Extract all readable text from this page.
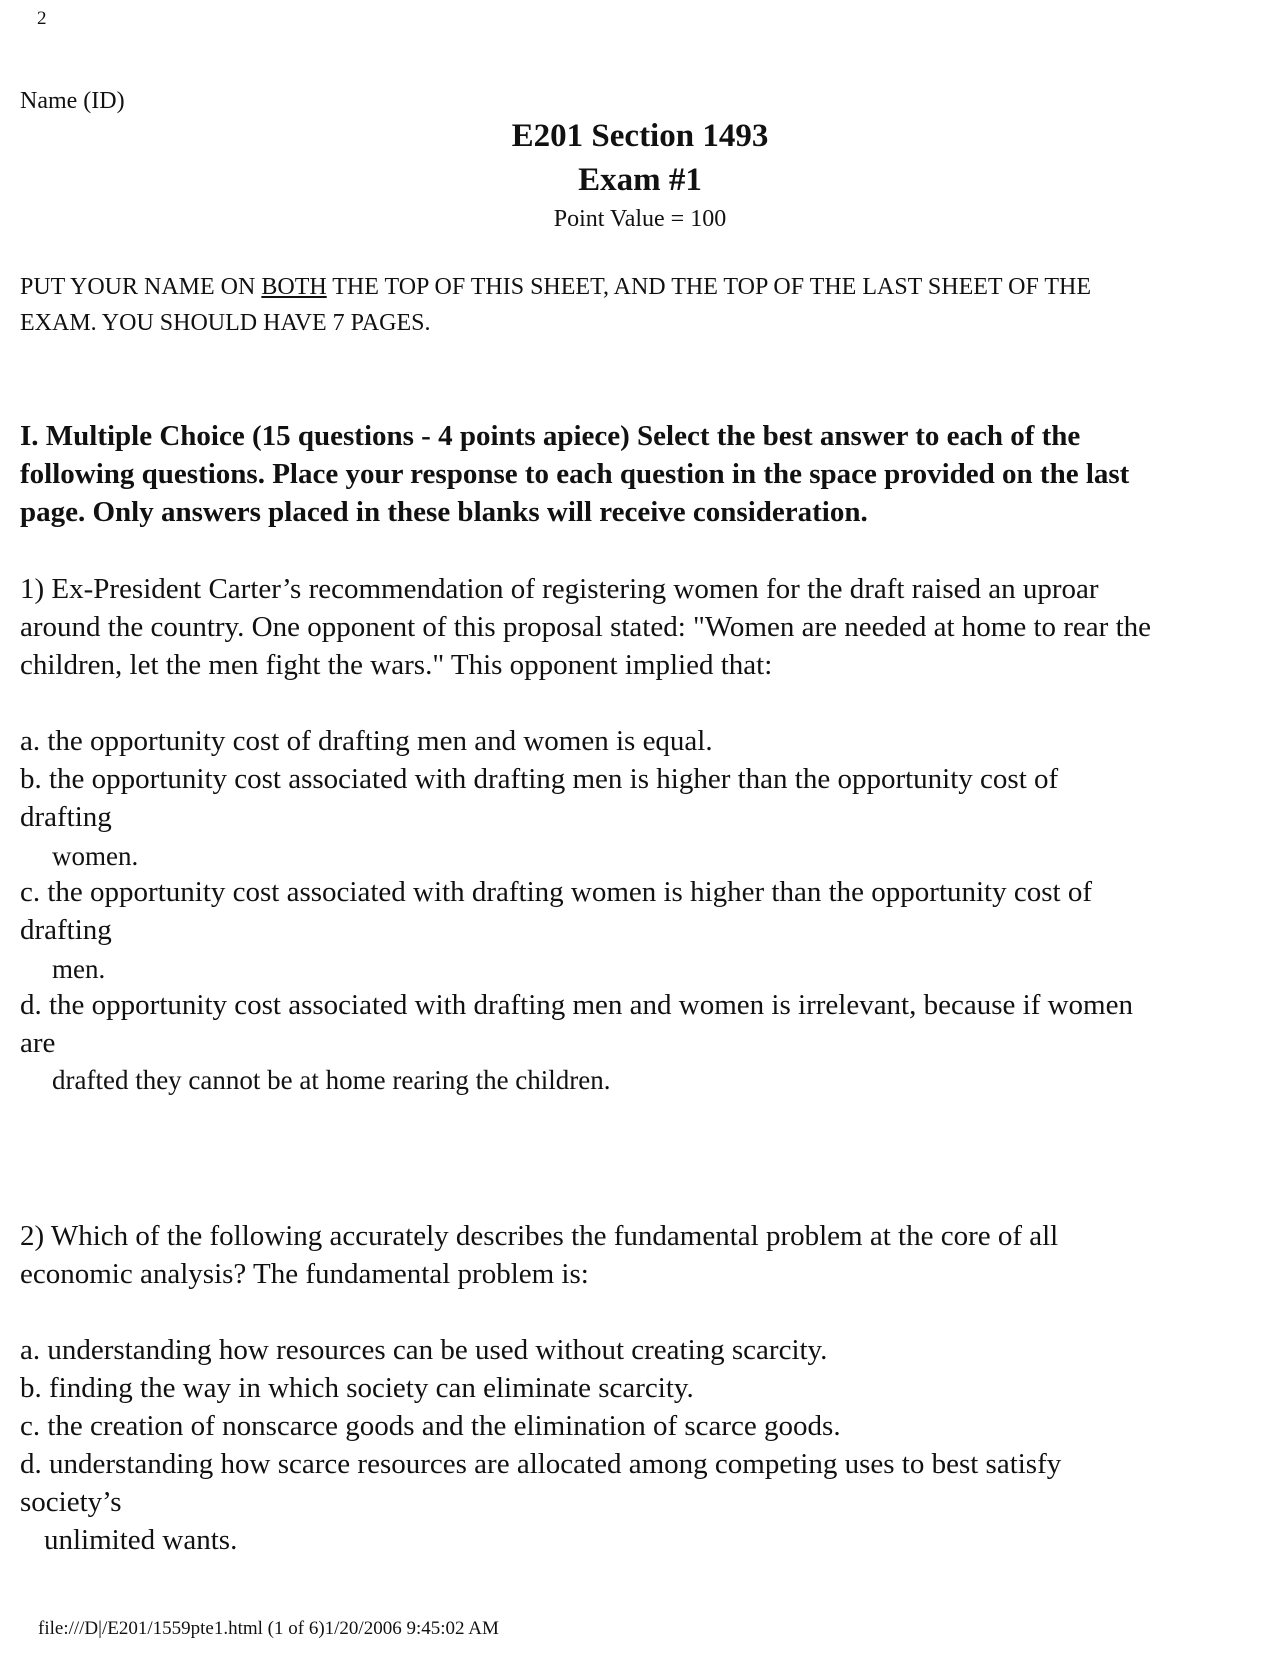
2
Name (ID)
E201 Section 1493
Exam #1
Point Value = 100
PUT YOUR NAME ON BOTH THE TOP OF THIS SHEET, AND THE TOP OF THE LAST SHEET OF THE
EXAM. YOU SHOULD HAVE 7 PAGES.
I. Multiple Choice (15 questions - 4 points apiece) Select the best answer to each of the
following questions. Place your response to each question in the space provided on the last
page. Only answers placed in these blanks will receive consideration.
1) Ex-President Carter’s recommendation of registering women for the draft raised an uproar
around the country. One opponent of this proposal stated: "Women are needed at home to rear the
children, let the men fight the wars." This opponent implied that:
a. the opportunity cost of drafting men and women is equal.
b. the opportunity cost associated with drafting men is higher than the opportunity cost of
drafting
women.
c. the opportunity cost associated with drafting women is higher than the opportunity cost of
drafting
men.
d. the opportunity cost associated with drafting men and women is irrelevant, because if women
are
drafted they cannot be at home rearing the children.
2) Which of the following accurately describes the fundamental problem at the core of all
economic analysis? The fundamental problem is:
a. understanding how resources can be used without creating scarcity.
b. finding the way in which society can eliminate scarcity.
c. the creation of nonscarce goods and the elimination of scarce goods.
d. understanding how scarce resources are allocated among competing uses to best satisfy
society’s
unlimited wants.
file:///D|/E201/1559pte1.html (1 of 6)1/20/2006 9:45:02 AM
